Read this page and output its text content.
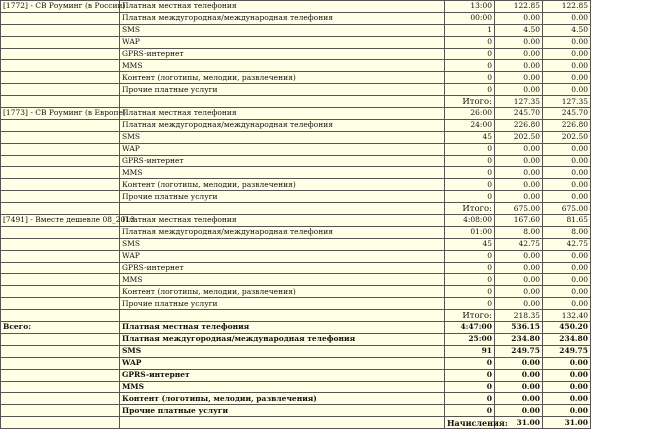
[1772] - СВ Роуминг (в России)	Платная местная телефония	13:00	122.85	122.85
	Платная междугородная/международная телефония	00:00	0.00	0.00
	SMS	1	4.50	4.50
	WAP	0	0.00	0.00
	GPRS-интернет	0	0.00	0.00
	MMS	0	0.00	0.00
	Контент (логотипы, мелодии, развлечения)	0	0.00	0.00
	Прочие платные услуги	0	0.00	0.00
		Итого:	127.35	127.35
[1773] - СВ Роуминг (в Европе)	Платная местная телефония	26:00	245.70	245.70
	Платная междугородная/международная телефония	24:00	226.80	226.80
	SMS	45	202.50	202.50
	WAP	0	0.00	0.00
	GPRS-интернет	0	0.00	0.00
	MMS	0	0.00	0.00
	Контент (логотипы, мелодии, развлечения)	0	0.00	0.00
	Прочие платные услуги	0	0.00	0.00
		Итого:	675.00	675.00
[7491] - Вместе дешевле 08_2013	Платная местная телефония	4:08:00	167.60	81.65
	Платная междугородная/международная телефония	01:00	8.00	8.00
	SMS	45	42.75	42.75
	WAP	0	0.00	0.00
	GPRS-интернет	0	0.00	0.00
	MMS	0	0.00	0.00
	Контент (логотипы, мелодии, развлечения)	0	0.00	0.00
	Прочие платные услуги	0	0.00	0.00
		Итого:	218.35	132.40
Всего:	Платная местная телефония	4:47:00	536.15	450.20
	Платная междугородная/международная телефония	25:00	234.80	234.80
	SMS	91	249.75	249.75
	WAP	0	0.00	0.00
	GPRS-интернет	0	0.00	0.00
	MMS	0	0.00	0.00
	Контент (логотипы, мелодии, развлечения)	0	0.00	0.00
	Прочие платные услуги	0	0.00	0.00
		Начисления:	31.00	31.00
